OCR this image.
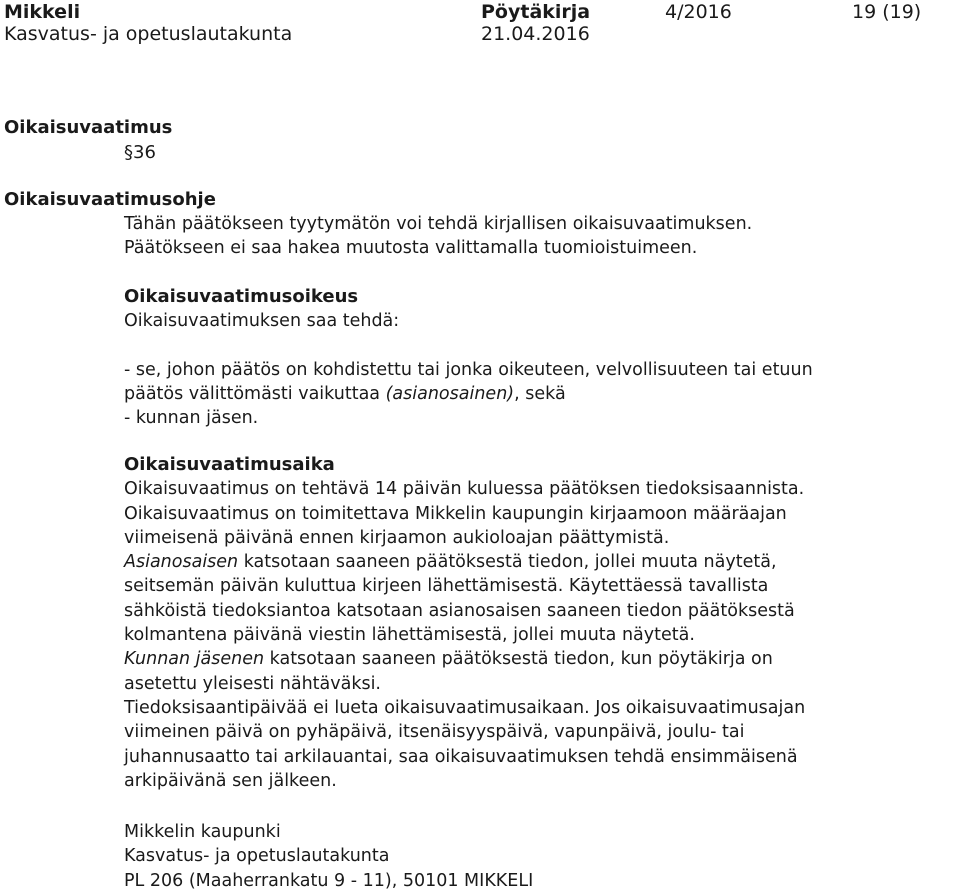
Mikkeli	Pöytäkirja	4/2016	19 (19)
Kasvatus- ja opetuslautakunta	21.04.2016
Oikaisuvaatimus

§36

Oikaisuvaatimusohje

Tähän päätökseen tyytymätön voi tehdä kirjallisen oikaisuvaatimuksen.

Päätökseen ei saa hakea muutosta valittamalla tuomioistuimeen.

Oikaisuvaatimusoikeus

Oikaisuvaatimuksen saa tehdä:

- se, johon päätös on kohdistettu tai jonka oikeuteen, velvollisuuteen tai etuun

päätös välittömästi vaikuttaa (asianosainen), sekä

- kunnan jäsen.

Oikaisuvaatimusaika

Oikaisuvaatimus on tehtävä 14 päivän kuluessa päätöksen tiedoksisaannista.

Oikaisuvaatimus on toimitettava Mikkelin kaupungin kirjaamoon määräajan

viimeisenä päivänä ennen kirjaamon aukioloajan päättymistä.

Asianosaisen katsotaan saaneen päätöksestä tiedon, jollei muuta näytetä,

seitsemän päivän kuluttua kirjeen lähettämisestä. Käytettäessä tavallista

sähköistä tiedoksiantoa katsotaan asianosaisen saaneen tiedon päätöksestä

kolmantena päivänä viestin lähettämisestä, jollei muuta näytetä.

Kunnan jäsenen katsotaan saaneen päätöksestä tiedon, kun pöytäkirja on

asetettu yleisesti nähtäväksi.

Tiedoksisaantipäivää ei lueta oikaisuvaatimusaikaan. Jos oikaisuvaatimusajan

viimeinen päivä on pyhäpäivä, itsenäisyyspäivä, vapunpäivä, joulu- tai

juhannusaatto tai arkilauantai, saa oikaisuvaatimuksen tehdä ensimmäisenä

arkipäivänä sen jälkeen.

Mikkelin kaupunki

Kasvatus- ja opetuslautakunta

PL 206 (Maaherrankatu 9 - 11), 50101 MIKKELI
